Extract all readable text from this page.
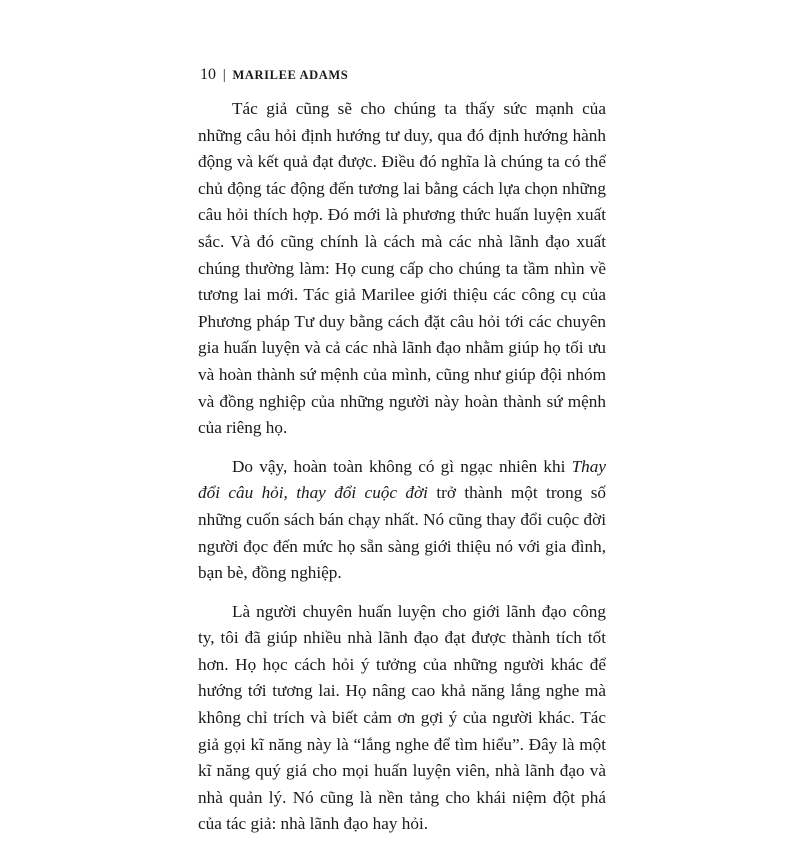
10 | MARILEE ADAMS

Tác giả cũng sẽ cho chúng ta thấy sức mạnh của những câu hỏi định hướng tư duy, qua đó định hướng hành động và kết quả đạt được. Điều đó nghĩa là chúng ta có thể chủ động tác động đến tương lai bằng cách lựa chọn những câu hỏi thích hợp. Đó mới là phương thức huấn luyện xuất sắc. Và đó cũng chính là cách mà các nhà lãnh đạo xuất chúng thường làm: Họ cung cấp cho chúng ta tầm nhìn về tương lai mới. Tác giả Marilee giới thiệu các công cụ của Phương pháp Tư duy bằng cách đặt câu hỏi tới các chuyên gia huấn luyện và cả các nhà lãnh đạo nhằm giúp họ tối ưu và hoàn thành sứ mệnh của mình, cũng như giúp đội nhóm và đồng nghiệp của những người này hoàn thành sứ mệnh của riêng họ.

Do vậy, hoàn toàn không có gì ngạc nhiên khi Thay đổi câu hỏi, thay đổi cuộc đời trở thành một trong số những cuốn sách bán chạy nhất. Nó cũng thay đổi cuộc đời người đọc đến mức họ sẵn sàng giới thiệu nó với gia đình, bạn bè, đồng nghiệp.

Là người chuyên huấn luyện cho giới lãnh đạo công ty, tôi đã giúp nhiều nhà lãnh đạo đạt được thành tích tốt hơn. Họ học cách hỏi ý tưởng của những người khác để hướng tới tương lai. Họ nâng cao khả năng lắng nghe mà không chỉ trích và biết cảm ơn gợi ý của người khác. Tác giả gọi kĩ năng này là “lắng nghe để tìm hiểu”. Đây là một kĩ năng quý giá cho mọi huấn luyện viên, nhà lãnh đạo và nhà quản lý. Nó cũng là nền tảng cho khái niệm đột phá của tác giả: nhà lãnh đạo hay hỏi.
